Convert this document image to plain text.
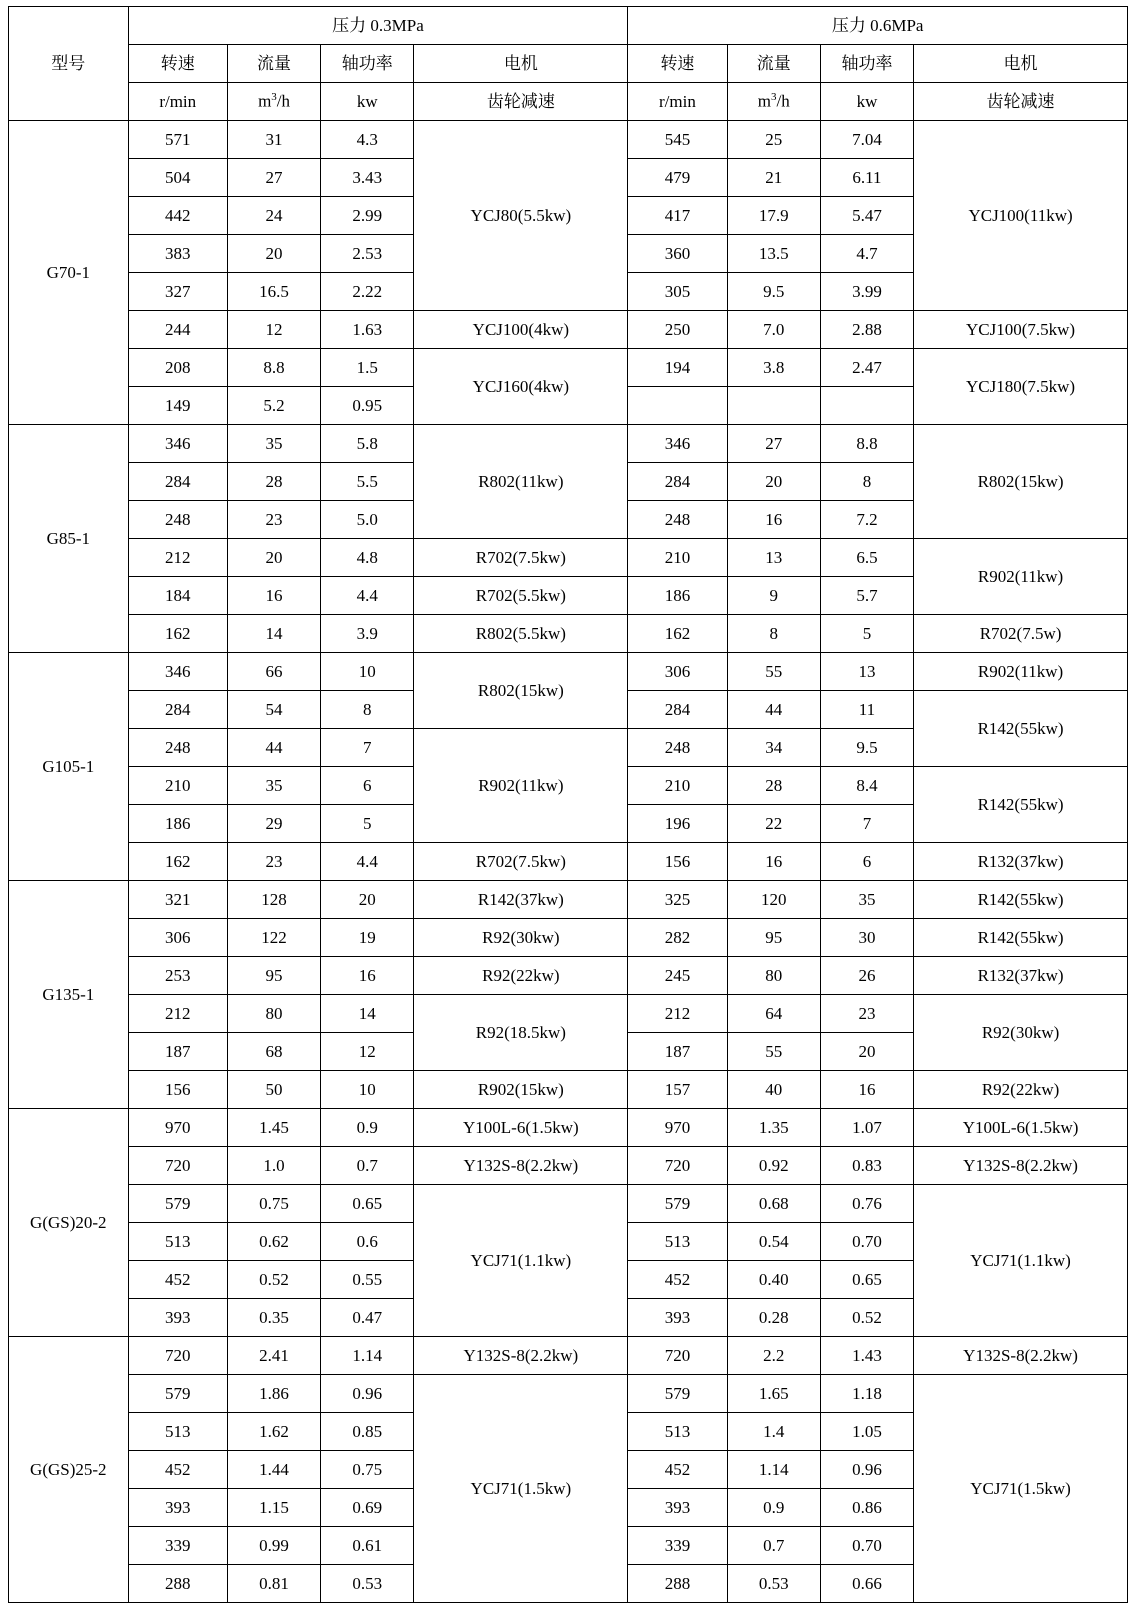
型号	压力 0.3MPa				压力 0.6MPa			
	转速	流量	轴功率	电机	转速	流量	轴功率	电机
	r/min	$m^3/h$	kw	齿轮减速	r/min	$m^3/h$	kw	齿轮减速
G70-1	571	31	4.3	YCJ80(5.5kw)	545	25	7.04	YCJ100(11kw)
	504	27	3.43		479	21	6.11	
	442	24	2.99		417	17.9	5.47	
	383	20	2.53		360	13.5	4.7	
	327	16.5	2.22		305	9.5	3.99	
	244	12	1.63	YCJ100(4kw)	250	7.0	2.88	YCJ100(7.5kw)
	208	8.8	1.5	YCJ160(4kw)	194	3.8	2.47	YCJ180(7.5kw)
	149	5.2	0.95					
G85-1	346	35	5.8	R802(11kw)	346	27	8.8	R802(15kw)
	284	28	5.5		284	20	8	
	248	23	5.0		248	16	7.2	
	212	20	4.8	R702(7.5kw)	210	13	6.5	R902(11kw)
	184	16	4.4	R702(5.5kw)	186	9	5.7	
	162	14	3.9	R802(5.5kw)	162	8	5	R702(7.5w)
G105-1	346	66	10	R802(15kw)	306	55	13	R902(11kw)
	284	54	8		284	44	11	R142(55kw)
	248	44	7	R902(11kw)	248	34	9.5	
	210	35	6		210	28	8.4	R142(55kw)
	186	29	5		196	22	7	
	162	23	4.4	R702(7.5kw)	156	16	6	R132(37kw)
G135-1	321	128	20	R142(37kw)	325	120	35	R142(55kw)
	306	122	19	R92(30kw)	282	95	30	R142(55kw)
	253	95	16	R92(22kw)	245	80	26	R132(37kw)
	212	80	14	R92(18.5kw)	212	64	23	R92(30kw)
	187	68	12		187	55	20	
	156	50	10	R902(15kw)	157	40	16	R92(22kw)
G(GS)20-2	970	1.45	0.9	Y100L-6(1.5kw)	970	1.35	1.07	Y100L-6(1.5kw)
	720	1.0	0.7	Y132S-8(2.2kw)	720	0.92	0.83	Y132S-8(2.2kw)
	579	0.75	0.65	YCJ71(1.1kw)	579	0.68	0.76	YCJ71(1.1kw)
	513	0.62	0.6		513	0.54	0.70	
	452	0.52	0.55		452	0.40	0.65	
	393	0.35	0.47		393	0.28	0.52	
G(GS)25-2	720	2.41	1.14	Y132S-8(2.2kw)	720	2.2	1.43	Y132S-8(2.2kw)
	579	1.86	0.96	YCJ71(1.5kw)	579	1.65	1.18	YCJ71(1.5kw)
	513	1.62	0.85		513	1.4	1.05	
	452	1.44	0.75		452	1.14	0.96	
	393	1.15	0.69		393	0.9	0.86	
	339	0.99	0.61		339	0.7	0.70	
	288	0.81	0.53		288	0.53	0.66	
